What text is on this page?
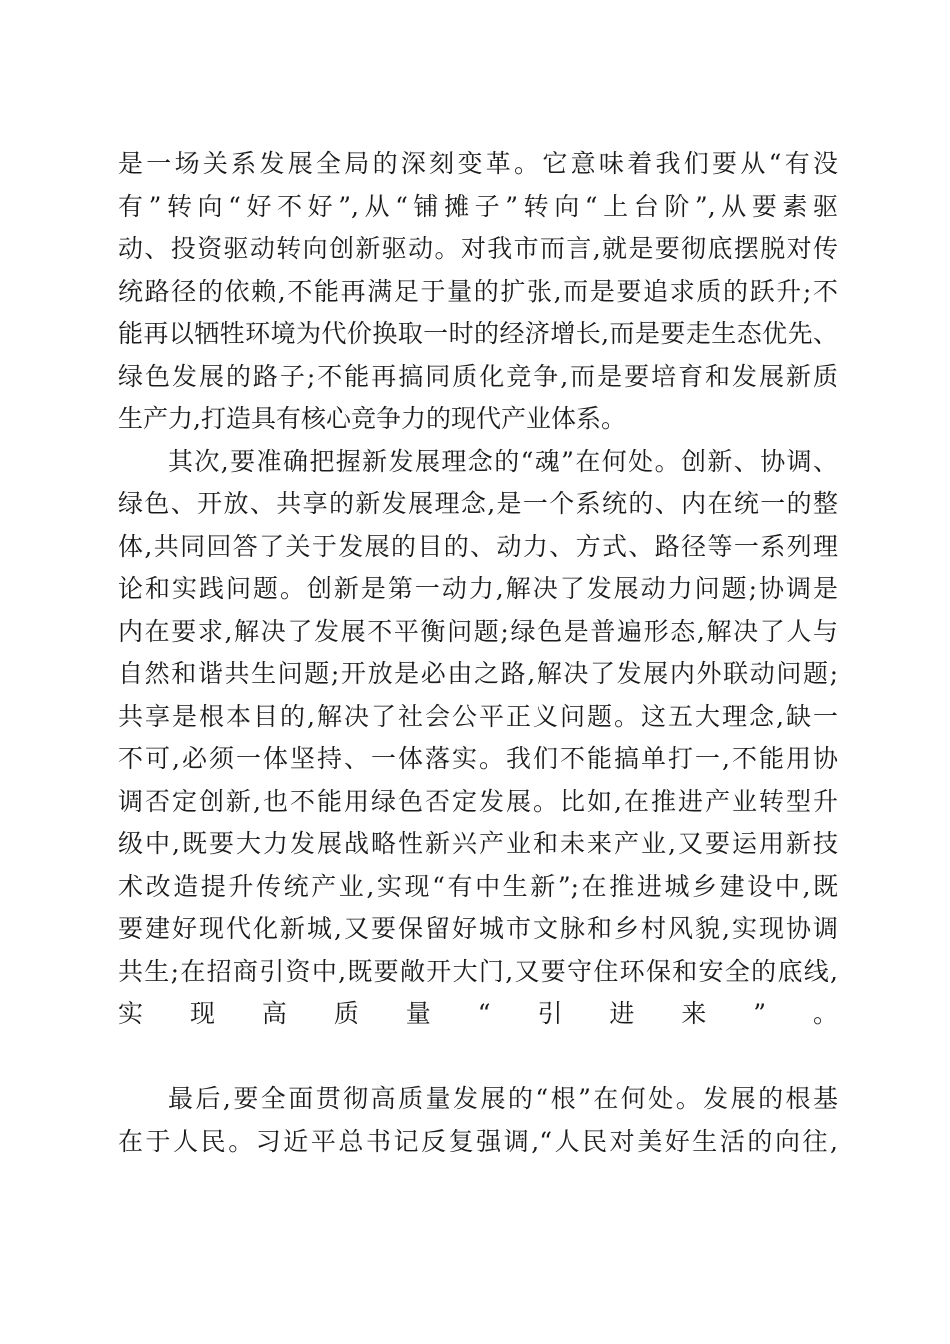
是一场关系发展全局的深刻变革。它意味着我们要从“有没
有”转向“好不好”,从“铺摊子”转向“上台阶”,从要素驱
动、投资驱动转向创新驱动。对我市而言,就是要彻底摆脱对传
统路径的依赖,不能再满足于量的扩张,而是要追求质的跃升;不
能再以牺牲环境为代价换取一时的经济增长,而是要走生态优先、
绿色发展的路子;不能再搞同质化竞争,而是要培育和发展新质
生产力,打造具有核心竞争力的现代产业体系。
其次,要准确把握新发展理念的“魂”在何处。创新、协调、
绿色、开放、共享的新发展理念,是一个系统的、内在统一的整
体,共同回答了关于发展的目的、动力、方式、路径等一系列理
论和实践问题。创新是第一动力,解决了发展动力问题;协调是
内在要求,解决了发展不平衡问题;绿色是普遍形态,解决了人与
自然和谐共生问题;开放是必由之路,解决了发展内外联动问题;
共享是根本目的,解决了社会公平正义问题。这五大理念,缺一
不可,必须一体坚持、一体落实。我们不能搞单打一,不能用协
调否定创新,也不能用绿色否定发展。比如,在推进产业转型升
级中,既要大力发展战略性新兴产业和未来产业,又要运用新技
术改造提升传统产业,实现“有中生新”;在推进城乡建设中,既
要建好现代化新城,又要保留好城市文脉和乡村风貌,实现协调
共生;在招商引资中,既要敞开大门,又要守住环保和安全的底线,
实现高质量“引进来”。
最后,要全面贯彻高质量发展的“根”在何处。发展的根基
在于人民。习近平总书记反复强调,“人民对美好生活的向往,
